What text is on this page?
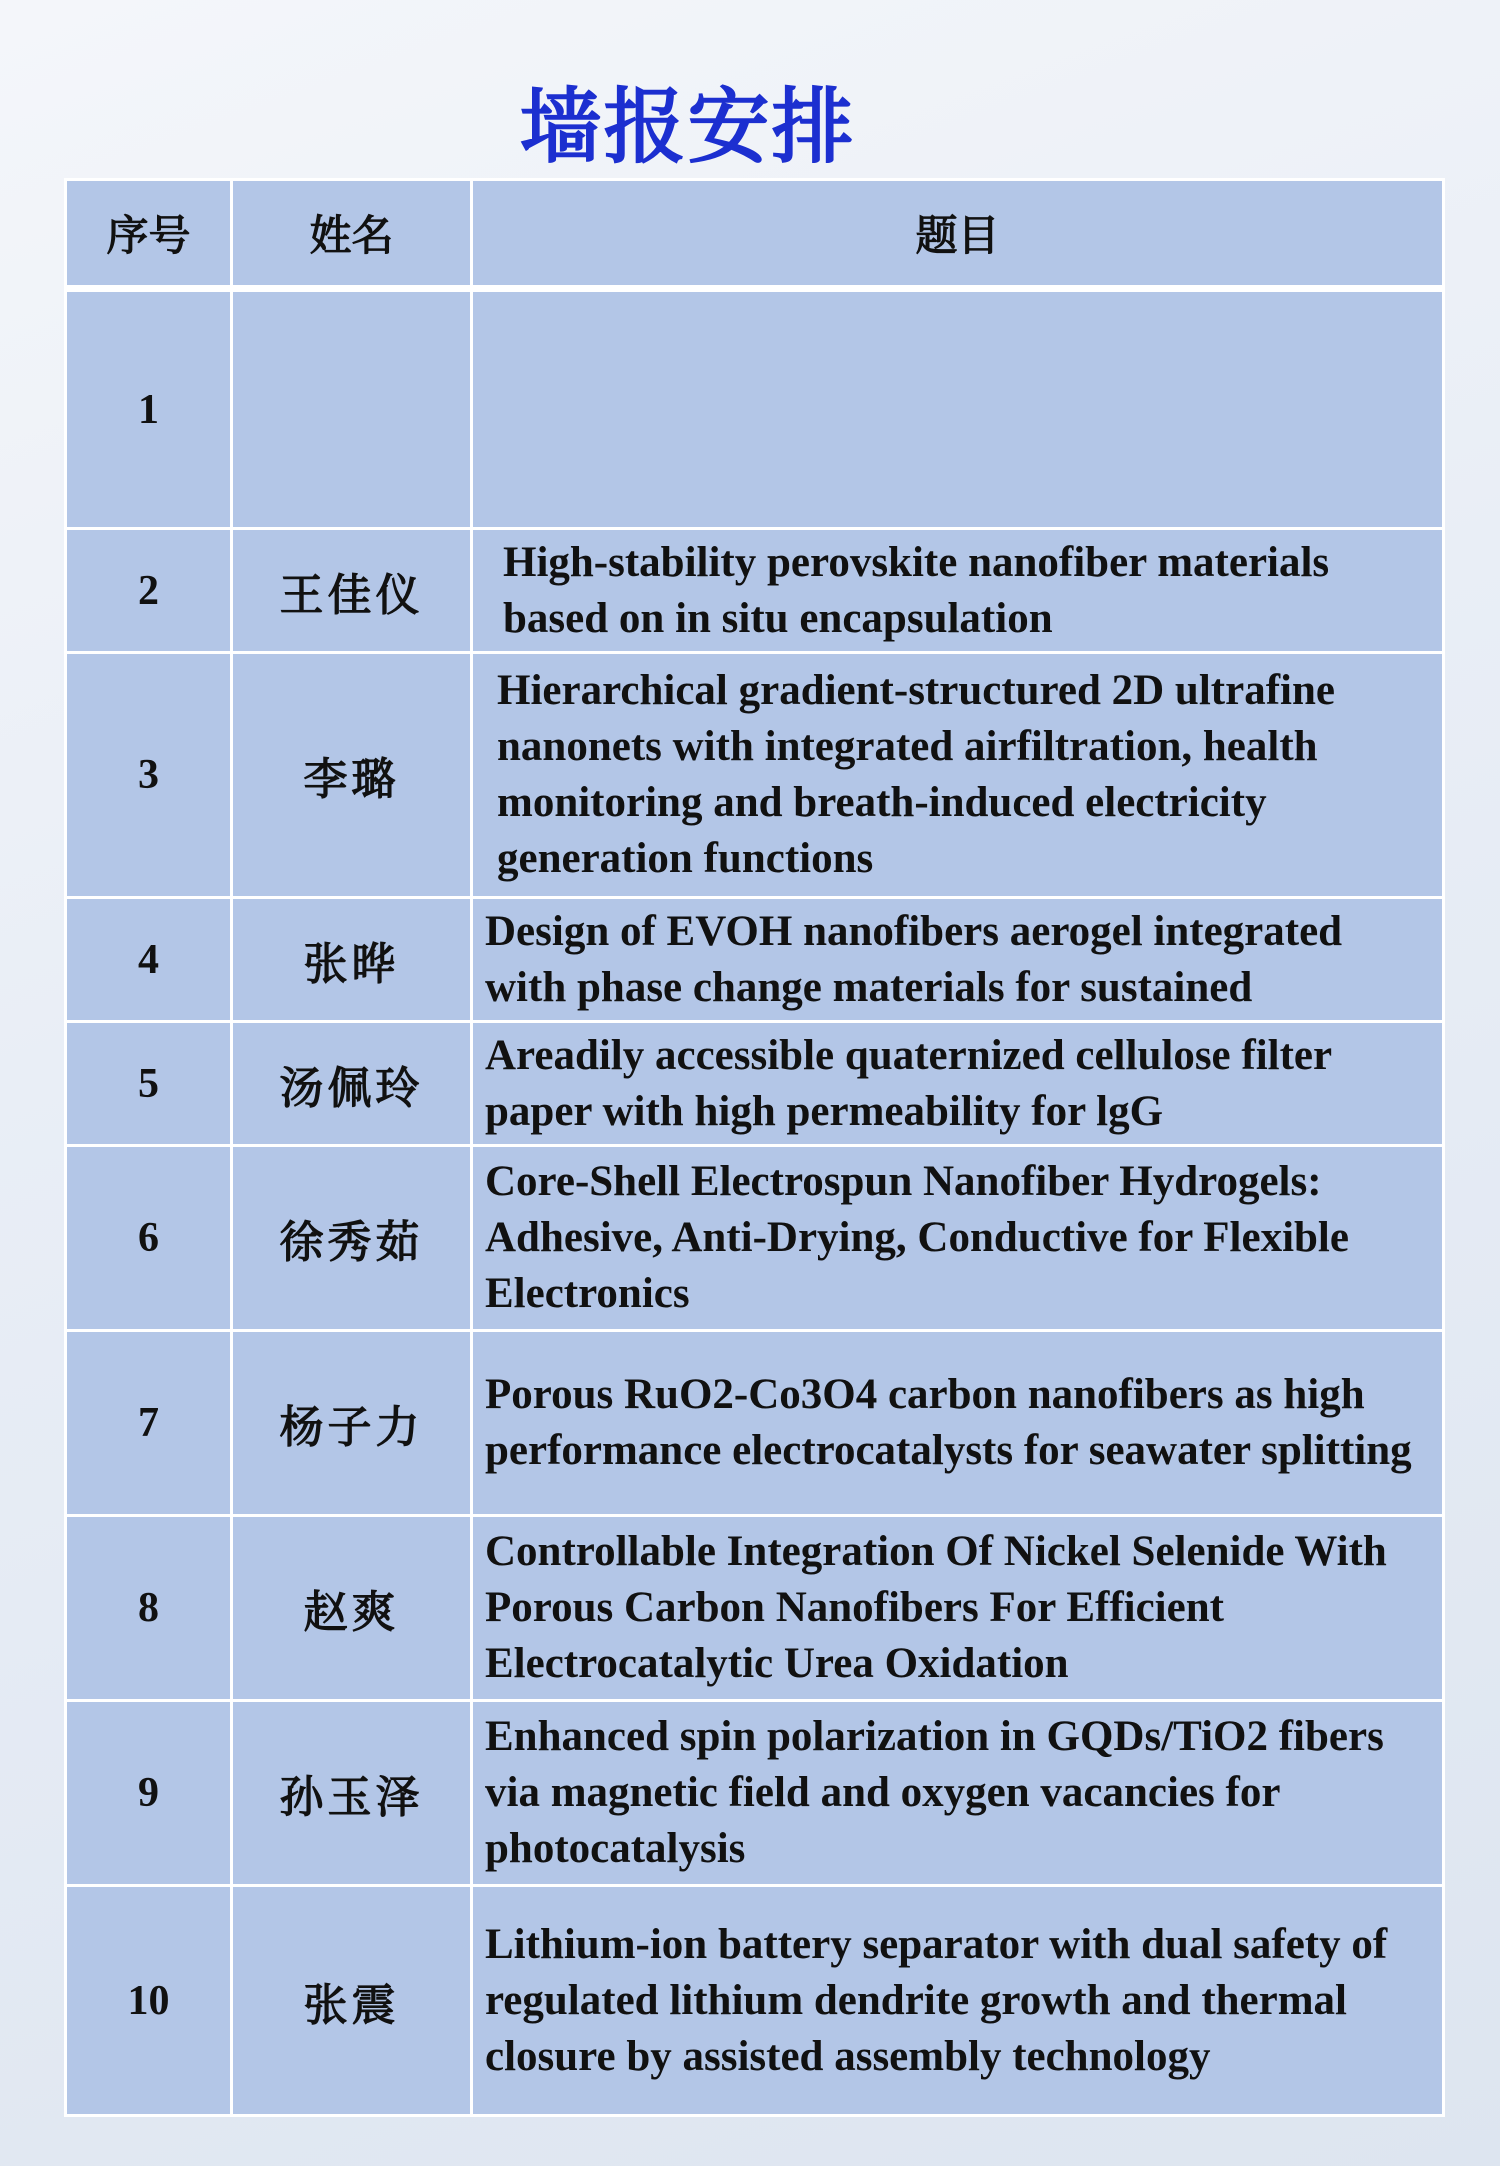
墙报安排
序号	姓名	题目
1		

2	王佳仪	High-stability perovskite nanofiber materials based on in situ encapsulation

3	李璐	Hierarchical gradient-structured 2D ultrafine nanonets with integrated airfiltration, health monitoring and breath-induced electricity generation functions

4	张晔	Design of EVOH nanofibers aerogel integrated with phase change materials for sustained

5	汤佩玲	Areadily accessible quaternized cellulose filter paper with high permeability for lgG

6	徐秀茹	Core-Shell Electrospun Nanofiber Hydrogels: Adhesive, Anti-Drying, Conductive for Flexible Electronics

7	杨子力	Porous RuO2-Co3O4 carbon nanofibers as high performance electrocatalysts for seawater splitting

8	赵爽	Controllable Integration Of Nickel Selenide With Porous Carbon Nanofibers For Efficient Electrocatalytic Urea Oxidation

9	孙玉泽	Enhanced spin polarization in GQDs/TiO2 fibers via magnetic field and oxygen vacancies for photocatalysis

10	张震	Lithium-ion battery separator with dual safety of regulated lithium dendrite growth and thermal closure by assisted assembly technology
